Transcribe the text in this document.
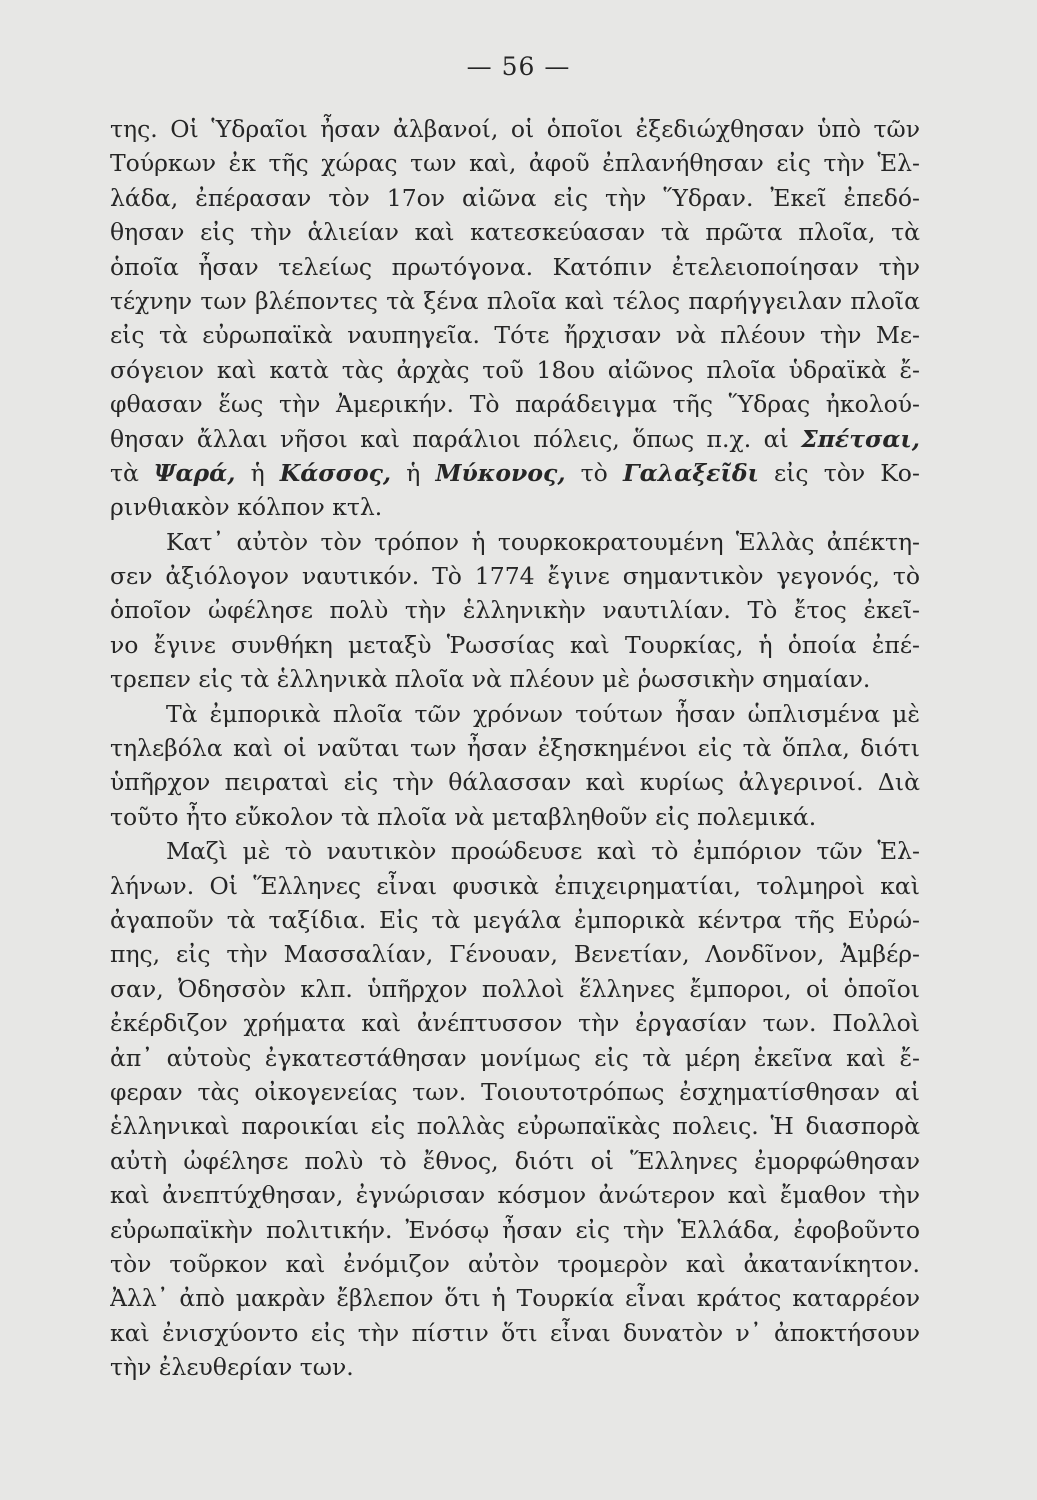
— 56 —
της. Οἱ Ὑδραῖοι ἦσαν ἀλβανοί, οἱ ὁποῖοι ἐξεδιώχθησαν ὑπὸ τῶν
Τούρκων ἐκ τῆς χώρας των καὶ, ἀφοῦ ἐπλανήθησαν εἰς τὴν Ἑλ-
λάδα, ἐπέρασαν τὸν 17ον αἰῶνα εἰς τὴν Ὕδραν. Ἐκεῖ ἐπεδό-
θησαν εἰς τὴν ἁλιείαν καὶ κατεσκεύασαν τὰ πρῶτα πλοῖα, τὰ
ὁποῖα ἦσαν τελείως πρωτόγονα. Κατόπιν ἐτελειοποίησαν τὴν
τέχνην των βλέποντες τὰ ξένα πλοῖα καὶ τέλος παρήγγειλαν πλοῖα
εἰς τὰ εὐρωπαϊκὰ ναυπηγεῖα. Τότε ἤρχισαν νὰ πλέουν τὴν Με-
σόγειον καὶ κατὰ τὰς ἀρχὰς τοῦ 18ου αἰῶνος πλοῖα ὑδραϊκὰ ἔ-
φθασαν ἕως τὴν Ἀμερικήν. Τὸ παράδειγμα τῆς Ὕδρας ἠκολού-
θησαν ἄλλαι νῆσοι καὶ παράλιοι πόλεις, ὅπως π.χ. αἱ Σπέτσαι,
τὰ Ψαρά, ἡ Κάσσος, ἡ Μύκονος, τὸ Γαλαξεῖδι εἰς τὸν Κο-
ρινθιακὸν κόλπον κτλ.
Κατ᾿ αὐτὸν τὸν τρόπον ἡ τουρκοκρατουμένη Ἑλλὰς ἀπέκτη-
σεν ἀξιόλογον ναυτικόν. Τὸ 1774 ἔγινε σημαντικὸν γεγονός, τὸ
ὁποῖον ὠφέλησε πολὺ τὴν ἑλληνικὴν ναυτιλίαν. Τὸ ἔτος ἐκεῖ-
νο ἔγινε συνθήκη μεταξὺ Ῥωσσίας καὶ Τουρκίας, ἡ ὁποία ἐπέ-
τρεπεν εἰς τὰ ἑλληνικὰ πλοῖα νὰ πλέουν μὲ ῥωσσικὴν σημαίαν.
Τὰ ἐμπορικὰ πλοῖα τῶν χρόνων τούτων ἦσαν ὡπλισμένα μὲ
τηλεβόλα καὶ οἱ ναῦται των ἦσαν ἐξησκημένοι εἰς τὰ ὅπλα, διότι
ὑπῆρχον πειραταὶ εἰς τὴν θάλασσαν καὶ κυρίως ἀλγερινοί. Διὰ
τοῦτο ἦτο εὔκολον τὰ πλοῖα νὰ μεταβληθοῦν εἰς πολεμικά.
Μαζὶ μὲ τὸ ναυτικὸν προώδευσε καὶ τὸ ἐμπόριον τῶν Ἑλ-
λήνων. Οἱ Ἕλληνες εἶναι φυσικὰ ἐπιχειρηματίαι, τολμηροὶ καὶ
ἀγαποῦν τὰ ταξίδια. Εἰς τὰ μεγάλα ἐμπορικὰ κέντρα τῆς Εὐρώ-
πης, εἰς τὴν Μασσαλίαν, Γένουαν, Βενετίαν, Λονδῖνον, Ἀμβέρ-
σαν, Ὀδησσὸν κλπ. ὑπῆρχον πολλοὶ ἕλληνες ἔμποροι, οἱ ὁποῖοι
ἐκέρδιζον χρήματα καὶ ἀνέπτυσσον τὴν ἐργασίαν των. Πολλοὶ
ἀπ᾿ αὐτοὺς ἐγκατεστάθησαν μονίμως εἰς τὰ μέρη ἐκεῖνα καὶ ἔ-
φεραν τὰς οἰκογενείας των. Τοιουτοτρόπως ἐσχηματίσθησαν αἱ
ἑλληνικαὶ παροικίαι εἰς πολλὰς εὐρωπαϊκὰς πολεις. Ἡ διασπορὰ
αὐτὴ ὠφέλησε πολὺ τὸ ἔθνος, διότι οἱ Ἕλληνες ἐμορφώθησαν
καὶ ἀνεπτύχθησαν, ἐγνώρισαν κόσμον ἀνώτερον καὶ ἔμαθον τὴν
εὐρωπαϊκὴν πολιτικήν. Ἐνόσῳ ἦσαν εἰς τὴν Ἑλλάδα, ἐφοβοῦντο
τὸν τοῦρκον καὶ ἐνόμιζον αὐτὸν τρομερὸν καὶ ἀκατανίκητον.
Ἀλλ᾿ ἀπὸ μακρὰν ἔβλεπον ὅτι ἡ Τουρκία εἶναι κράτος καταρρέον
καὶ ἐνισχύοντο εἰς τὴν πίστιν ὅτι εἶναι δυνατὸν ν᾿ ἀποκτήσουν
τὴν ἐλευθερίαν των.
